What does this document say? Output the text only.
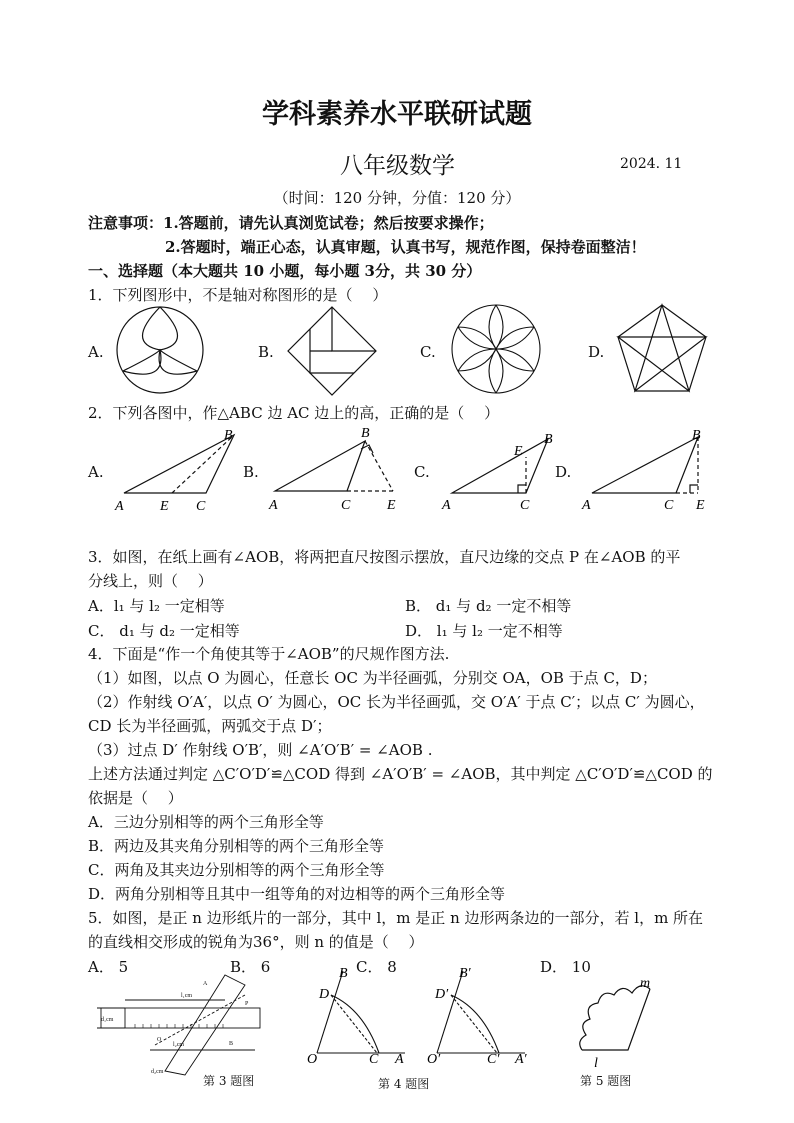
学科素养水平联研试题
八年级数学	2024. 11
（时间：120 分钟，分值：120 分）
注意事项：1.答题前，请先认真浏览试卷；然后按要求操作；
2.答题时，端正心态，认真审题，认真书写，规范作图，保持卷面整洁！
一、选择题（本大题共 10 小题，每小题 3分，共 30 分）
1．下列图形中，不是轴对称图形的是（　 ）
A.	B.	C.	D.
2．下列各图中，作△ABC 边 AC 边上的高，正确的是（　 ）
A.	B.	C.	D.
B
A	E C
B
A	C	E
B
E
A	C
B
A	C E
3．如图，在纸上画有∠AOB，将两把直尺按图示摆放，直尺边缘的交点 P 在∠AOB 的平
分线上，则（　 ）
A．l₁ 与 l₂ 一定相等	B． d₁ 与 d₂ 一定不相等
C． d₁ 与 d₂ 一定相等	D． l₁ 与 l₂ 一定不相等
4．下面是“作一个角使其等于∠AOB”的尺规作图方法.
（1）如图，以点 O 为圆心，任意长 OC 为半径画弧，分别交 OA，OB 于点 C，D；
（2）作射线 O′A′，以点 O′ 为圆心，OC 长为半径画弧，交 O′A′ 于点 C′；以点 C′ 为圆心，
CD 长为半径画弧，两弧交于点 D′；
（3）过点 D′ 作射线 O′B′，则 ∠A′O′B′ = ∠AOB .
上述方法通过判定 △C′O′D′≌△COD 得到 ∠A′O′B′ = ∠AOB，其中判定 △C′O′D′≌△COD 的
依据是（　 ）
A．三边分别相等的两个三角形全等
B．两边及其夹角分别相等的两个三角形全等
C．两角及其夹边分别相等的两个三角形全等
D．两角分别相等且其中一组等角的对边相等的两个三角形全等
5．如图，是正 n 边形纸片的一部分，其中 l，m 是正 n 边形两条边的一部分，若 l，m 所在
的直线相交形成的锐角为36°，则 n 的值是（　 ）
A． 5	B． 6	C． 8	D． 10
l₁cm
l₂cm
d₁cm
d₂cm
P
O
A
B
第 3 题图
B
D
O	C A
B′
D′
O′	C′ A′
第 4 题图
m
l
第 5 题图
